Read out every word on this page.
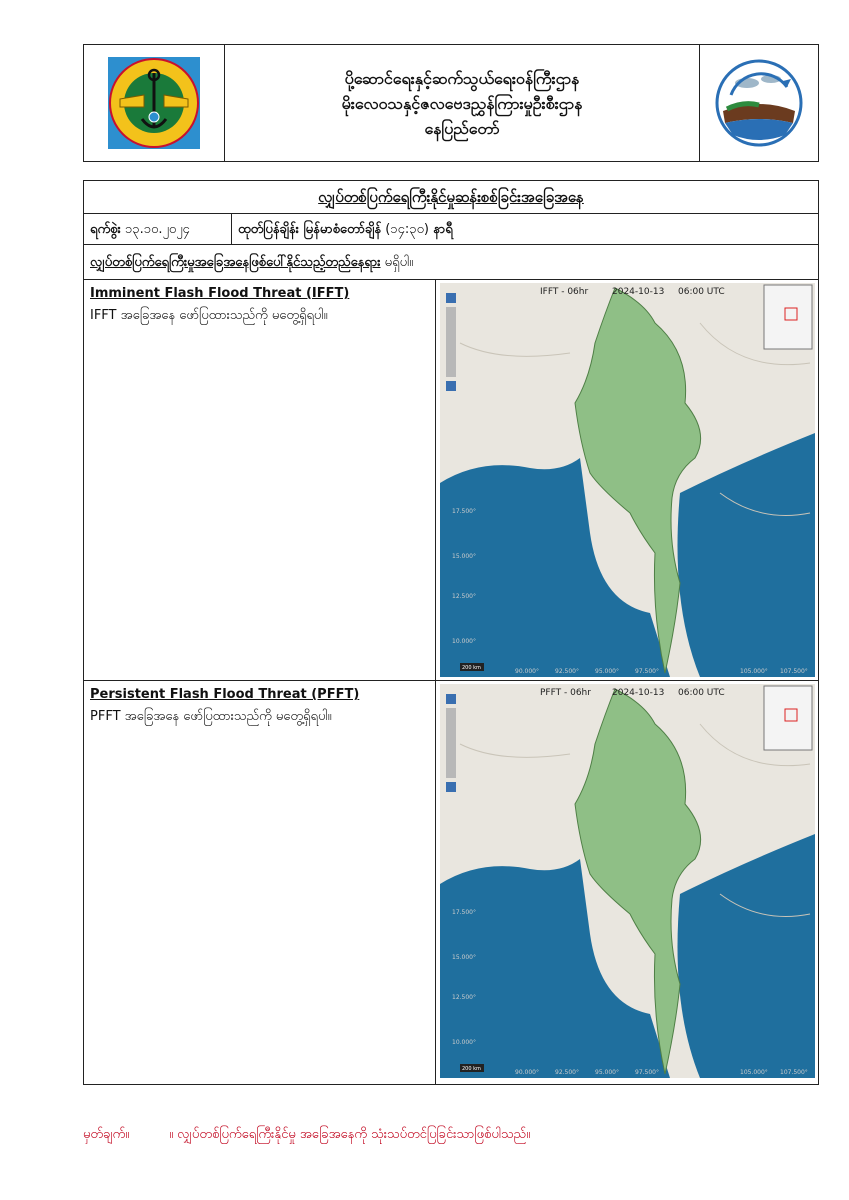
ပို့ဆောင်ရေးနှင့်ဆက်သွယ်ရေးဝန်ကြီးဌာန
မိုးလေဝသနှင့်ဇလဗေဒညွှန်ကြားမှုဦးစီးဌာန
နေပြည်တော်
လျှပ်တစ်ပြက်ရေကြီးနိုင်မှုဆန်းစစ်ခြင်းအခြေအနေ
ရက်စွဲး ၁၃.၁၀.၂၀၂၄	ထုတ်ပြန်ချိန်း မြန်မာစံတော်ချိန် (၁၄:၃၀) နာရီ
လျှပ်တစ်ပြက်ရေကြီးမှုအခြေအနေဖြစ်ပေါ်နိုင်သည့်တည်နေရား မရှိပါ။
Imminent Flash Flood Threat (IFFT)
IFFT အခြေအနေ ဖော်ပြထားသည်ကို မတွေ့ရှိရပါ။
IFFT - 06hr	2024-10-13 06:00 UTC
17.500°
15.000°
12.500°
10.000°
90.000°	92.500°	95.000°	97.500°	105.000° 107.500°
200 km
Persistent Flash Flood Threat (PFFT)
PFFT အခြေအနေ ဖော်ပြထားသည်ကို မတွေ့ရှိရပါ။
PFFT - 06hr 2024-10-13 06:00 UTC
17.500°
15.000°
12.500°
10.000°
90.000°	92.500°	95.000°	97.500°	105.000° 107.500°
200 km
မှတ်ချက်။	။ လျှပ်တစ်ပြက်ရေကြီးနိုင်မှု အခြေအနေကို သုံးသပ်တင်ပြခြင်းသာဖြစ်ပါသည်။
